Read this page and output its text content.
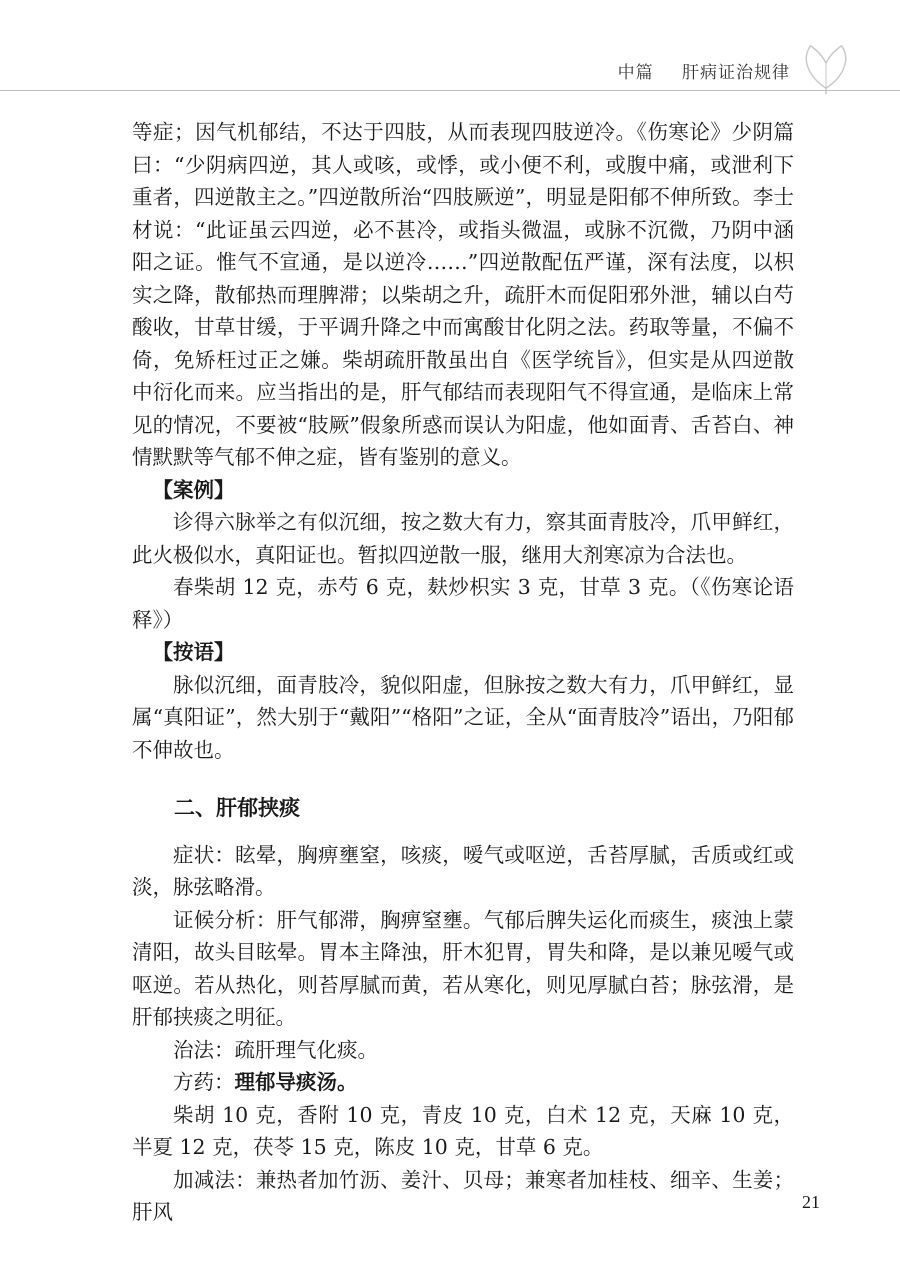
中篇 肝病证治规律

等症；因气机郁结，不达于四肢，从而表现四肢逆冷。《伤寒论》少阴篇曰：“少阴病四逆，其人或咳，或悸，或小便不利，或腹中痛，或泄利下重者，四逆散主之。”四逆散所治“四肢厥逆”，明显是阳郁不伸所致。李士材说：“此证虽云四逆，必不甚冷，或指头微温，或脉不沉微，乃阴中涵阳之证。惟气不宣通，是以逆冷……”四逆散配伍严谨，深有法度，以枳实之降，散郁热而理脾滞；以柴胡之升，疏肝木而促阳邪外泄，辅以白芍酸收，甘草甘缓，于平调升降之中而寓酸甘化阴之法。药取等量，不偏不倚，免矫枉过正之嫌。柴胡疏肝散虽出自《医学统旨》，但实是从四逆散中衍化而来。应当指出的是，肝气郁结而表现阳气不得宣通，是临床上常见的情况，不要被“肢厥”假象所惑而误认为阳虚，他如面青、舌苔白、神情默默等气郁不伸之症，皆有鉴别的意义。

【案例】

诊得六脉举之有似沉细，按之数大有力，察其面青肢冷，爪甲鲜红，此火极似水，真阳证也。暂拟四逆散一服，继用大剂寒凉为合法也。

春柴胡 12 克，赤芍 6 克，麸炒枳实 3 克，甘草 3 克。（《伤寒论语释》）

【按语】

脉似沉细，面青肢冷，貌似阳虚，但脉按之数大有力，爪甲鲜红，显属“真阳证”，然大别于“戴阳”“格阳”之证，全从“面青肢冷”语出，乃阳郁不伸故也。

二、肝郁挟痰

症状：眩晕，胸痹壅窒，咳痰，嗳气或呕逆，舌苔厚腻，舌质或红或淡，脉弦略滑。

证候分析：肝气郁滞，胸痹窒壅。气郁后脾失运化而痰生，痰浊上蒙清阳，故头目眩晕。胃本主降浊，肝木犯胃，胃失和降，是以兼见嗳气或呕逆。若从热化，则苔厚腻而黄，若从寒化，则见厚腻白苔；脉弦滑，是肝郁挟痰之明征。

治法：疏肝理气化痰。

方药：理郁导痰汤。

柴胡 10 克，香附 10 克，青皮 10 克，白术 12 克，天麻 10 克，半夏 12 克，茯苓 15 克，陈皮 10 克，甘草 6 克。

加减法：兼热者加竹沥、姜汁、贝母；兼寒者加桂枝、细辛、生姜；肝风	21
